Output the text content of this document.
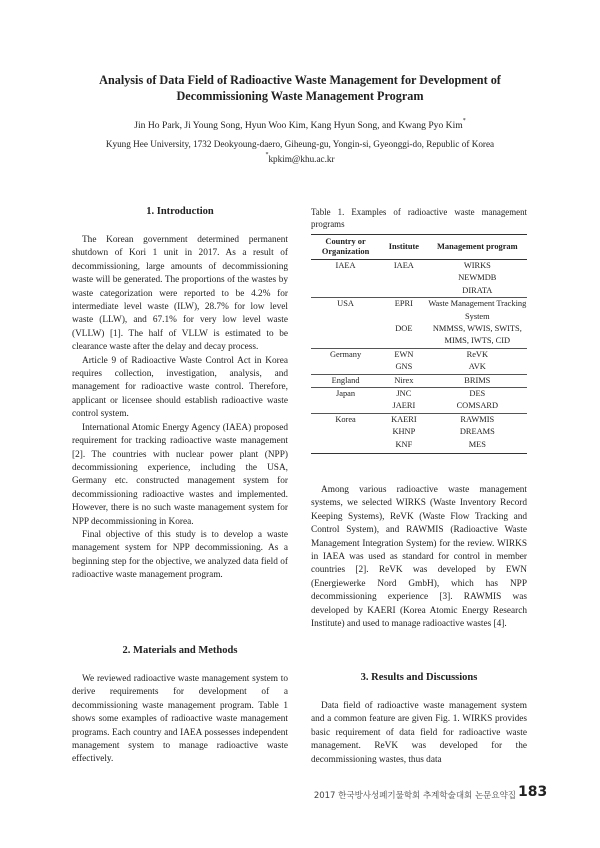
Analysis of Data Field of Radioactive Waste Management for Development of
Decommissioning Waste Management Program
Jin Ho Park, Ji Young Song, Hyun Woo Kim, Kang Hyun Song, and Kwang Pyo Kim*
Kyung Hee University, 1732 Deokyoung-daero, Giheung-gu, Yongin-si, Gyeonggi-do, Republic of Korea
*kpkim@khu.ac.kr
1. Introduction

The Korean government determined permanent shutdown of Kori 1 unit in 2017. As a result of decommissioning, large amounts of decommissioning waste will be generated. The proportions of the wastes by waste categorization were reported to be 4.2% for intermediate level waste (ILW), 28.7% for low level waste (LLW), and 67.1% for very low level waste (VLLW) [1]. The half of VLLW is estimated to be clearance waste after the delay and decay process.

Article 9 of Radioactive Waste Control Act in Korea requires collection, investigation, analysis, and management for radioactive waste control. Therefore, applicant or licensee should establish radioactive waste control system.

International Atomic Energy Agency (IAEA) proposed requirement for tracking radioactive waste management [2]. The countries with nuclear power plant (NPP) decommissioning experience, including the USA, Germany etc. constructed management system for decommissioning radioactive wastes and implemented. However, there is no such waste management system for NPP decommissioning in Korea.

Final objective of this study is to develop a waste management system for NPP decommissioning. As a beginning step for the objective, we analyzed data field of radioactive waste management program.

2. Materials and Methods

We reviewed radioactive waste management system to derive requirements for development of a decommissioning waste management program. Table 1 shows some examples of radioactive waste management programs. Each country and IAEA possesses independent management system to manage radioactive waste effectively.

Table 1. Examples of radioactive waste management programs
Country or Organization	Institute	Management program
IAEA	IAEA	WIRKS
		NEWMDB
		DIRATA
USA	EPRI	Waste Management Tracking System
	DOE	NMMSS, WWIS, SWITS, MIMS, IWTS, CID
Germany	EWN	ReVK
	GNS	AVK
England	Nirex	BRIMS
Japan	JNC	DES
	JAERI	COMSARD
Korea	KAERI	RAWMIS
	KHNP	DREAMS
	KNF	MES

Among various radioactive waste management systems, we selected WIRKS (Waste Inventory Record Keeping Systems), ReVK (Waste Flow Tracking and Control System), and RAWMIS (Radioactive Waste Management Integration System) for the review. WIRKS in IAEA was used as standard for control in member countries [2]. ReVK was developed by EWN (Energiewerke Nord GmbH), which has NPP decommissioning experience [3]. RAWMIS was developed by KAERI (Korea Atomic Energy Research Institute) and used to manage radioactive wastes [4].

3. Results and Discussions

Data field of radioactive waste management system and a common feature are given Fig. 1. WIRKS provides basic requirement of data field for radioactive waste management. ReVK was developed for the decommissioning wastes, thus data

2017 한국방사성폐기물학회 추계학술대회 논문요약집 183
